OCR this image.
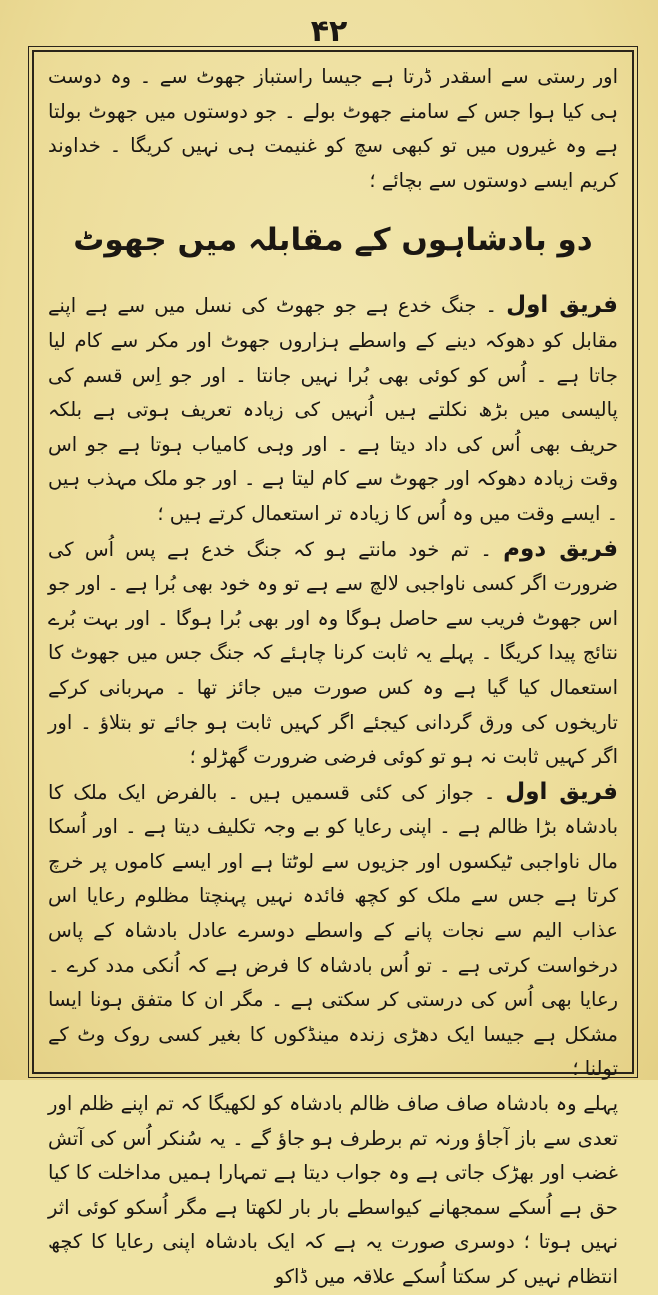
۴۲

اور رستی سے اسقدر ڈرتا ہے جیسا راستباز جھوٹ سے ۔ وہ دوست ہی کیا ہوا جس کے سامنے جھوٹ بولے ۔ جو دوستوں میں جھوٹ بولتا ہے وہ غیروں میں تو کبھی سچ کو غنیمت ہی نہیں کریگا ۔ خداوند کریم ایسے دوستوں سے بچائے ؛

دو بادشاہوں کے مقابلہ میں جھوٹ

فریق اول ۔ جنگ خدع ہے جو جھوٹ کی نسل میں سے ہے اپنے مقابل کو دھوکہ دینے کے واسطے ہزاروں جھوٹ اور مکر سے کام لیا جاتا ہے ۔ اُس کو کوئی بھی بُرا نہیں جانتا ۔ اور جو اِس قسم کی پالیسی میں بڑھ نکلتے ہیں اُنہیں کی زیادہ تعریف ہوتی ہے بلکہ حریف بھی اُس کی داد دیتا ہے ۔ اور وہی کامیاب ہوتا ہے جو اس وقت زیادہ دھوکہ اور جھوٹ سے کام لیتا ہے ۔ اور جو ملک مہذب ہیں ۔ ایسے وقت میں وہ اُس کا زیادہ تر استعمال کرتے ہیں ؛

فریق دوم ۔ تم خود مانتے ہو کہ جنگ خدع ہے پس اُس کی ضرورت اگر کسی ناواجبی لالچ سے ہے تو وہ خود بھی بُرا ہے ۔ اور جو اس جھوٹ فریب سے حاصل ہوگا وہ اور بھی بُرا ہوگا ۔ اور بہت بُرے نتائج پیدا کریگا ۔ پہلے یہ ثابت کرنا چاہئے کہ جنگ جس میں جھوٹ کا استعمال کیا گیا ہے وہ کس صورت میں جائز تھا ۔ مہربانی کرکے تاریخوں کی ورق گردانی کیجئے اگر کہیں ثابت ہو جائے تو بتلاؤ ۔ اور اگر کہیں ثابت نہ ہو تو کوئی فرضی ضرورت گھڑلو ؛

فریق اول ۔ جواز کی کئی قسمیں ہیں ۔ بالفرض ایک ملک کا بادشاہ بڑا ظالم ہے ۔ اپنی رعایا کو بے وجہ تکلیف دیتا ہے ۔ اور اُسکا مال ناواجبی ٹیکسوں اور جزیوں سے لوٹتا ہے اور ایسے کاموں پر خرچ کرتا ہے جس سے ملک کو کچھ فائدہ نہیں پہنچتا مظلوم رعایا اس عذاب الیم سے نجات پانے کے واسطے دوسرے عادل بادشاہ کے پاس درخواست کرتی ہے ۔ تو اُس بادشاہ کا فرض ہے کہ اُنکی مدد کرے ۔ رعایا بھی اُس کی درستی کر سکتی ہے ۔ مگر ان کا متفق ہونا ایسا مشکل ہے جیسا ایک دھڑی زندہ مینڈکوں کا بغیر کسی روک وٹ کے تولنا ؛

پہلے وہ بادشاہ صاف صاف ظالم بادشاہ کو لکھیگا کہ تم اپنے ظلم اور تعدی سے باز آجاؤ ورنہ تم برطرف ہو جاؤ گے ۔ یہ سُنکر اُس کی آتش غضب اور بھڑک جاتی ہے وہ جواب دیتا ہے تمہارا ہمیں مداخلت کا کیا حق ہے اُسکے سمجھانے کیواسطے بار بار لکھتا ہے مگر اُسکو کوئی اثر نہیں ہوتا ؛ دوسری صورت یہ ہے کہ ایک بادشاہ اپنی رعایا کا کچھ انتظام نہیں کر سکتا اُسکے علاقہ میں ڈاکو
